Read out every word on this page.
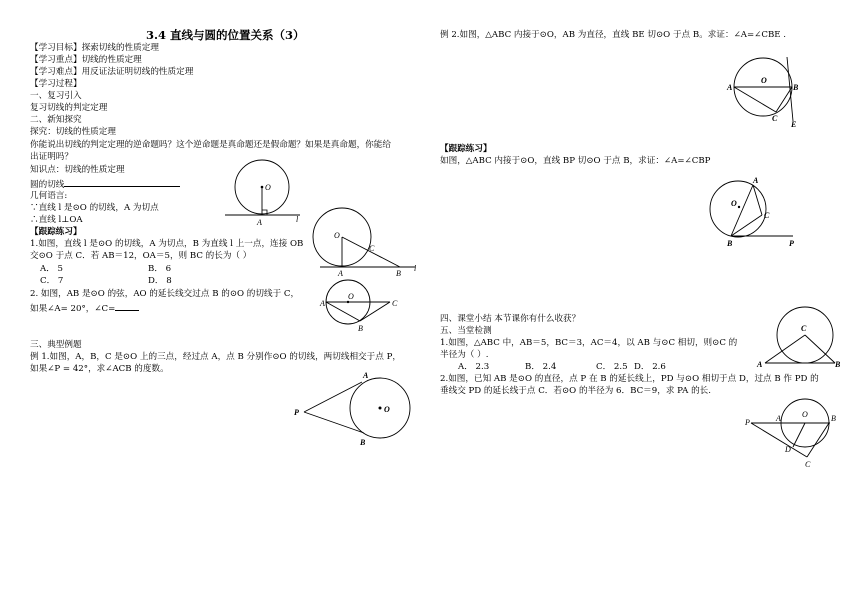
3.4 直线与圆的位置关系（3）
【学习目标】探索切线的性质定理
【学习重点】切线的性质定理
【学习难点】用反证法证明切线的性质定理
【学习过程】
一、复习引入
复习切线的判定定理
二、新知探究
探究：切线的性质定理
你能说出切线的判定定理的逆命题吗？这个逆命题是真命题还是假命题？如果是真命题，你能给
出证明吗？
知识点：切线的性质定理
圆的切线
几何语言:
∵直线 l 是⊙O 的切线，A 为切点
∴直线 l⊥OA
【跟踪练习】
1.如图，直线 l 是⊙O 的切线，A 为切点，B 为直线 l 上一点，连接 OB
交⊙O 于点 C．若 AB＝12，OA＝5，则 BC 的长为（ ）
A． 5	B． 6
C． 7	D． 8
2. 如图，AB 是⊙O 的弦，AO 的延长线交过点 B 的⊙O 的切线于 C，
如果∠A= 20°，∠C=
三、典型例题
例 1.如图，A，B，C 是⊙O 上的三点，经过点 A，点 B 分别作⊙O 的切线，两切线相交于点 P，
如果∠P = 42°，求∠ACB 的度数。
O
A	l
O
A
C
B
l
O
A
B
C
A
B
P	O
例 2.如图，△ABC 内接于⊙O，AB 为直径，直线 BE 切⊙O 于点 B。求证：∠A=∠CBE .
O
A	B
C
E
【跟踪练习】
如图，△ABC 内接于⊙O，直线 BP 切⊙O 于点 B，求证：∠A=∠CBP
O
A
C
B	P
四、课堂小结 本节课你有什么收获？
五、当堂检测
1.如图，△ABC 中，AB＝5，BC＝3，AC＝4，以 AB 与⊙C 相切，则⊙C 的
半径为（ ）.
A． 2.3	B． 2.4	C． 2.5 D． 2.6
2.如图，已知 AB 是⊙O 的直径，点 P 在 B 的延长线上，PD 与⊙O 相切于点 D，过点 B 作 PD 的
垂线交 PD 的延长线于点 C．若⊙O 的半径为 6．BC＝9，求 PA 的长.
C
A	B
P	A	O	B
D
C
